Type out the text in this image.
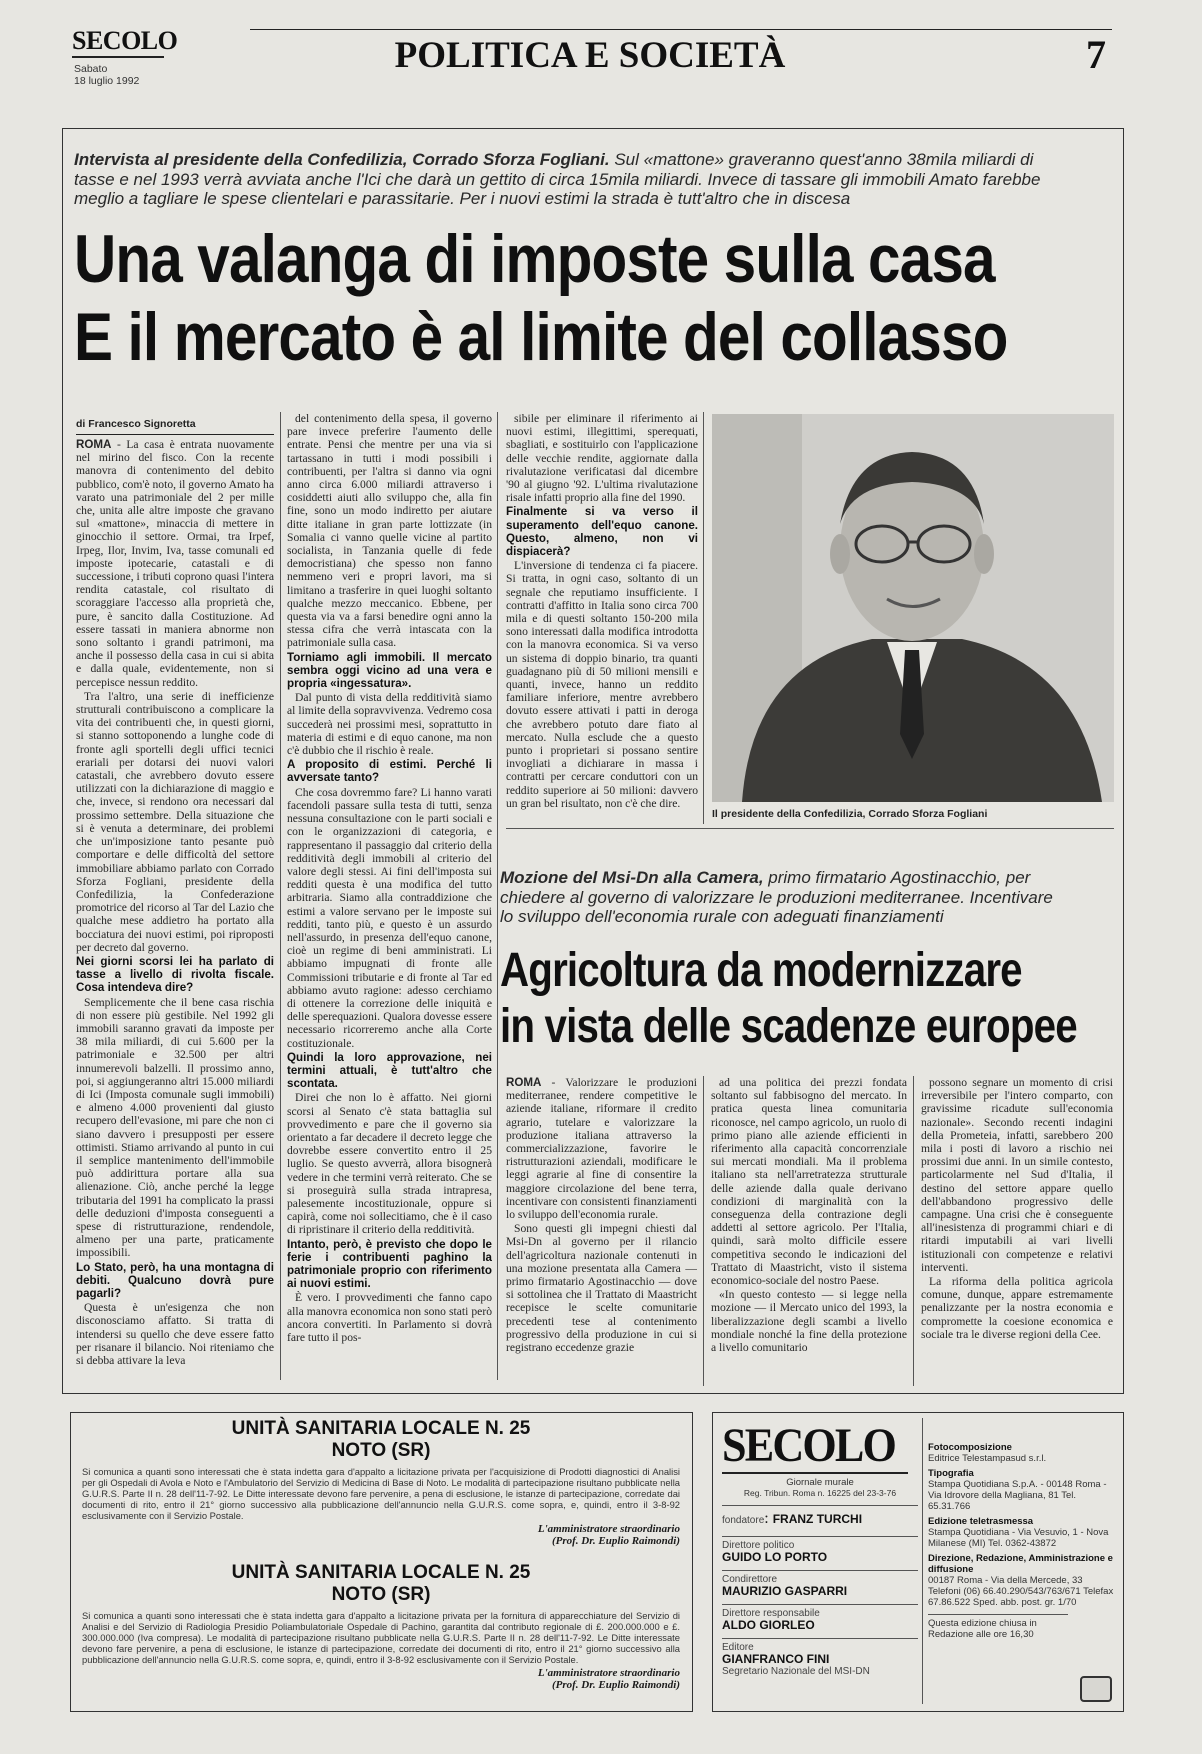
SECOLO
Sabato
18 luglio 1992
POLITICA E SOCIETÀ	7
Intervista al presidente della Confedilizia, Corrado Sforza Fogliani. Sul «mattone» graveranno quest'anno 38mila miliardi di tasse e nel 1993 verrà avviata anche l'Ici che darà un gettito di circa 15mila miliardi. Invece di tassare gli immobili Amato farebbe meglio a tagliare le spese clientelari e parassitarie. Per i nuovi estimi la strada è tutt'altro che in discesa
Una valanga di imposte sulla casa
E il mercato è al limite del collasso
di Francesco Signoretta

ROMA - La casa è entrata nuovamente nel mirino del fisco. Con la recente manovra di contenimento del debito pubblico, com'è noto, il governo Amato ha varato una patrimoniale del 2 per mille che, unita alle altre imposte che gravano sul «mattone», minaccia di mettere in ginocchio il settore. Ormai, tra Irpef, Irpeg, Ilor, Invim, Iva, tasse comunali ed imposte ipotecarie, catastali e di successione, i tributi coprono quasi l'intera rendita catastale, col risultato di scoraggiare l'accesso alla proprietà che, pure, è sancito dalla Costituzione. Ad essere tassati in maniera abnorme non sono soltanto i grandi patrimoni, ma anche il possesso della casa in cui si abita e dalla quale, evidentemente, non si percepisce nessun reddito.

Tra l'altro, una serie di inefficienze strutturali contribuiscono a complicare la vita dei contribuenti che, in questi giorni, si stanno sottoponendo a lunghe code di fronte agli sportelli degli uffici tecnici erariali per dotarsi dei nuovi valori catastali, che avrebbero dovuto essere utilizzati con la dichiarazione di maggio e che, invece, si rendono ora necessari dal prossimo settembre. Della situazione che si è venuta a determinare, dei problemi che un'imposizione tanto pesante può comportare e delle difficoltà del settore immobiliare abbiamo parlato con Corrado Sforza Fogliani, presidente della Confedilizia, la Confederazione promotrice del ricorso al Tar del Lazio che qualche mese addietro ha portato alla bocciatura dei nuovi estimi, poi riproposti per decreto dal governo.

Nei giorni scorsi lei ha parlato di tasse a livello di rivolta fiscale. Cosa intendeva dire?

Semplicemente che il bene casa rischia di non essere più gestibile. Nel 1992 gli immobili saranno gravati da imposte per 38 mila miliardi, di cui 5.600 per la patrimoniale e 32.500 per altri innumerevoli balzelli. Il prossimo anno, poi, si aggiungeranno altri 15.000 miliardi di Ici (Imposta comunale sugli immobili) e almeno 4.000 provenienti dal giusto recupero dell'evasione, mi pare che non ci siano davvero i presupposti per essere ottimisti. Stiamo arrivando al punto in cui il semplice mantenimento dell'immobile può addirittura portare alla sua alienazione. Ciò, anche perché la legge tributaria del 1991 ha complicato la prassi delle deduzioni d'imposta conseguenti a spese di ristrutturazione, rendendole, almeno per una parte, praticamente impossibili.

Lo Stato, però, ha una montagna di debiti. Qualcuno dovrà pure pagarli?

Questa è un'esigenza che non disconosciamo affatto. Si tratta di intendersi su quello che deve essere fatto per risanare il bilancio. Noi riteniamo che si debba attivare la leva

del contenimento della spesa, il governo pare invece preferire l'aumento delle entrate. Pensi che mentre per una via si tartassano in tutti i modi possibili i contribuenti, per l'altra si danno via ogni anno circa 6.000 miliardi attraverso i cosiddetti aiuti allo sviluppo che, alla fin fine, sono un modo indiretto per aiutare ditte italiane in gran parte lottizzate (in Somalia ci vanno quelle vicine al partito socialista, in Tanzania quelle di fede democristiana) che spesso non fanno nemmeno veri e propri lavori, ma si limitano a trasferire in quei luoghi soltanto qualche mezzo meccanico. Ebbene, per questa via va a farsi benedire ogni anno la stessa cifra che verrà intascata con la patrimoniale sulla casa.

Torniamo agli immobili. Il mercato sembra oggi vicino ad una vera e propria «ingessatura».

Dal punto di vista della redditività siamo al limite della sopravvivenza. Vedremo cosa succederà nei prossimi mesi, soprattutto in materia di estimi e di equo canone, ma non c'è dubbio che il rischio è reale.

A proposito di estimi. Perché li avversate tanto?

Che cosa dovremmo fare? Li hanno varati facendoli passare sulla testa di tutti, senza nessuna consultazione con le parti sociali e con le organizzazioni di categoria, e rappresentano il passaggio dal criterio della redditività degli immobili al criterio del valore degli stessi. Ai fini dell'imposta sui redditi questa è una modifica del tutto arbitraria. Siamo alla contraddizione che estimi a valore servano per le imposte sui redditi, tanto più, e questo è un assurdo nell'assurdo, in presenza dell'equo canone, cioè un regime di beni amministrati. Li abbiamo impugnati di fronte alle Commissioni tributarie e di fronte al Tar ed abbiamo avuto ragione: adesso cerchiamo di ottenere la correzione delle iniquità e delle sperequazioni. Qualora dovesse essere necessario ricorreremo anche alla Corte costituzionale.

Quindi la loro approvazione, nei termini attuali, è tutt'altro che scontata.

Direi che non lo è affatto. Nei giorni scorsi al Senato c'è stata battaglia sul provvedimento e pare che il governo sia orientato a far decadere il decreto legge che dovrebbe essere convertito entro il 25 luglio. Se questo avverrà, allora bisognerà vedere in che termini verrà reiterato. Che se si proseguirà sulla strada intrapresa, palesemente incostituzionale, oppure si capirà, come noi sollecitiamo, che è il caso di ripristinare il criterio della redditività.

Intanto, però, è previsto che dopo le ferie i contribuenti paghino la patrimoniale proprio con riferimento ai nuovi estimi.

È vero. I provvedimenti che fanno capo alla manovra economica non sono stati però ancora convertiti. In Parlamento si dovrà fare tutto il pos-

sibile per eliminare il riferimento ai nuovi estimi, illegittimi, sperequati, sbagliati, e sostituirlo con l'applicazione delle vecchie rendite, aggiornate dalla rivalutazione verificatasi dal dicembre '90 al giugno '92. L'ultima rivalutazione risale infatti proprio alla fine del 1990.

Finalmente si va verso il superamento dell'equo canone. Questo, almeno, non vi dispiacerà?

L'inversione di tendenza ci fa piacere. Si tratta, in ogni caso, soltanto di un segnale che reputiamo insufficiente. I contratti d'affitto in Italia sono circa 700 mila e di questi soltanto 150-200 mila sono interessati dalla modifica introdotta con la manovra economica. Si va verso un sistema di doppio binario, tra quanti guadagnano più di 50 milioni mensili e quanti, invece, hanno un reddito familiare inferiore, mentre avrebbero dovuto essere attivati i patti in deroga che avrebbero potuto dare fiato al mercato. Nulla esclude che a questo punto i proprietari si possano sentire invogliati a dichiarare in massa i contratti per cercare conduttori con un reddito superiore ai 50 milioni: davvero un gran bel risultato, non c'è che dire.

Il presidente della Confedilizia, Corrado Sforza Fogliani
Mozione del Msi-Dn alla Camera, primo firmatario Agostinacchio, per chiedere al governo di valorizzare le produzioni mediterranee. Incentivare lo sviluppo dell'economia rurale con adeguati finanziamenti
Agricoltura da modernizzare
in vista delle scadenze europee

ROMA - Valorizzare le produzioni mediterranee, rendere competitive le aziende italiane, riformare il credito agrario, tutelare e valorizzare la produzione italiana attraverso la commercializzazione, favorire le ristrutturazioni aziendali, modificare le leggi agrarie al fine di consentire la maggiore circolazione del bene terra, incentivare con consistenti finanziamenti lo sviluppo dell'economia rurale.

Sono questi gli impegni chiesti dal Msi-Dn al governo per il rilancio dell'agricoltura nazionale contenuti in una mozione presentata alla Camera — primo firmatario Agostinacchio — dove si sottolinea che il Trattato di Maastricht recepisce le scelte comunitarie precedenti tese al contenimento progressivo della produzione in cui si registrano eccedenze grazie

ad una politica dei prezzi fondata soltanto sul fabbisogno del mercato. In pratica questa linea comunitaria riconosce, nel campo agricolo, un ruolo di primo piano alle aziende efficienti in riferimento alla capacità concorrenziale sui mercati mondiali. Ma il problema italiano sta nell'arretratezza strutturale delle aziende dalla quale derivano condizioni di marginalità con la conseguenza della contrazione degli addetti al settore agricolo. Per l'Italia, quindi, sarà molto difficile essere competitiva secondo le indicazioni del Trattato di Maastricht, visto il sistema economico-sociale del nostro Paese.

«In questo contesto — si legge nella mozione — il Mercato unico del 1993, la liberalizzazione degli scambi a livello mondiale nonché la fine della protezione a livello comunitario

possono segnare un momento di crisi irreversibile per l'intero comparto, con gravissime ricadute sull'economia nazionale». Secondo recenti indagini della Prometeia, infatti, sarebbero 200 mila i posti di lavoro a rischio nei prossimi due anni. In un simile contesto, particolarmente nel Sud d'Italia, il destino del settore appare quello dell'abbandono progressivo delle campagne. Una crisi che è conseguente all'inesistenza di programmi chiari e di ritardi imputabili ai vari livelli istituzionali con competenze e relativi interventi.

La riforma della politica agricola comune, dunque, appare estremamente penalizzante per la nostra economia e compromette la coesione economica e sociale tra le diverse regioni della Cee.

UNITÀ SANITARIA LOCALE N. 25
NOTO (SR)
Si comunica a quanti sono interessati che è stata indetta gara d'appalto a licitazione privata per l'acquisizione di Prodotti diagnostici di Analisi per gli Ospedali di Avola e Noto e l'Ambulatorio del Servizio di Medicina di Base di Noto. Le modalità di partecipazione risultano pubblicate nella G.U.R.S. Parte II n. 28 dell'11-7-92. Le Ditte interessate devono fare pervenire, a pena di esclusione, le istanze di partecipazione, corredate dai documenti di rito, entro il 21° giorno successivo alla pubblicazione dell'annuncio nella G.U.R.S. come sopra, e, quindi, entro il 3-8-92 esclusivamente con il Servizio Postale.
L'amministratore straordinario
(Prof. Dr. Euplio Raimondi)
UNITÀ SANITARIA LOCALE N. 25
NOTO (SR)
Si comunica a quanti sono interessati che è stata indetta gara d'appalto a licitazione privata per la fornitura di apparecchiature del Servizio di Analisi e del Servizio di Radiologia Presidio Poliambulatoriale Ospedale di Pachino, garantita dal contributo regionale di £. 200.000.000 e £. 300.000.000 (Iva compresa). Le modalità di partecipazione risultano pubblicate nella G.U.R.S. Parte II n. 28 dell'11-7-92. Le Ditte interessate devono fare pervenire, a pena di esclusione, le istanze di partecipazione, corredate dei documenti di rito, entro il 21° giorno successivo alla pubblicazione dell'annuncio nella G.U.R.S. come sopra, e, quindi, entro il 3-8-92 esclusivamente con il Servizio Postale.
L'amministratore straordinario
(Prof. Dr. Euplio Raimondi)
SECOLO
Giornale murale
Reg. Tribun. Roma n. 16225 del 23-3-76
fondatore: FRANZ TURCHI
Direttore politico
GUIDO LO PORTO
Condirettore
MAURIZIO GASPARRI
Direttore responsabile
ALDO GIORLEO
Editore
GIANFRANCO FINI
Segretario Nazionale del MSI-DN
Fotocomposizione
Editrice Telestampasud s.r.l.
Tipografia
Stampa Quotidiana S.p.A. - 00148 Roma - Via Idrovore della Magliana, 81 Tel. 65.31.766
Edizione teletrasmessa
Stampa Quotidiana - Via Vesuvio, 1 - Nova Milanese (MI) Tel. 0362-43872
Direzione, Redazione, Amministrazione e diffusione
00187 Roma - Via della Mercede, 33 Telefoni (06) 66.40.290/543/763/671 Telefax 67.86.522 Sped. abb. post. gr. 1/70
Questa edizione chiusa in Redazione alle ore 16,30
